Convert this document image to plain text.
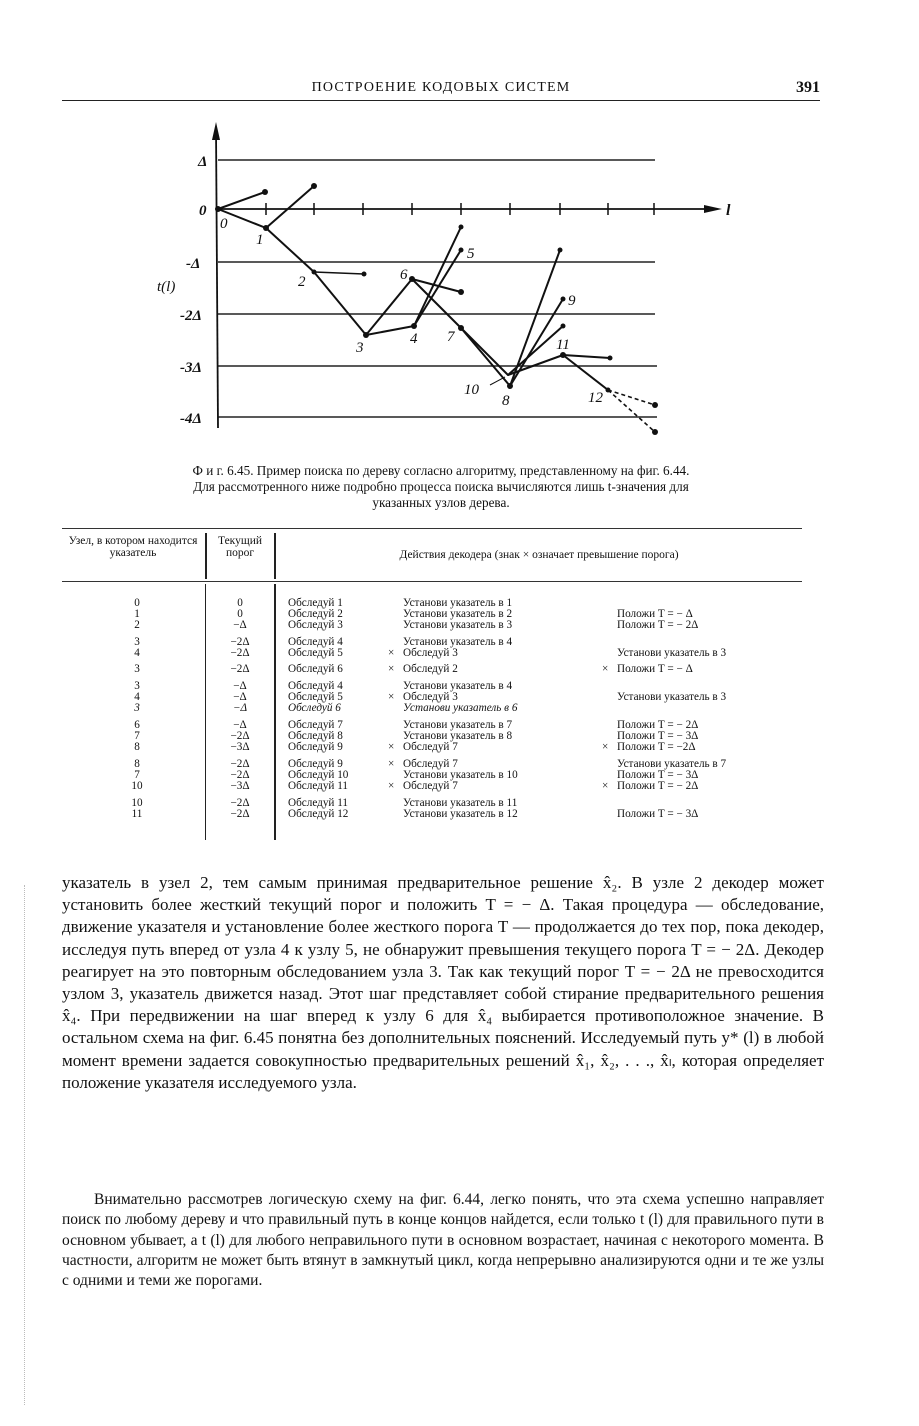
ПОСТРОЕНИЕ КОДОВЫХ СИСТЕМ	391
Δ
0
-Δ
-2Δ
-3Δ
-4Δ
t(l)
l
0
1
2
3
4
5
6
7
8
9
10
11
12
Ф и г. 6.45. Пример поиска по дереву согласно алгоритму, представленному на фиг. 6.44.
Для рассмотренного ниже подробно процесса поиска вычисляются лишь t-значения для
указанных узлов дерева.
Узел, в котором находится указатель
Текущий порог	Действия декодера (знак × означает превышение порога)
0	0	Обследуй 1	Установи указатель в 1
1	0	Обследуй 2	Установи указатель в 2	Положи T = − Δ
2	−Δ	Обследуй 3	Установи указатель в 3	Положи T = − 2Δ
3	−2Δ	Обследуй 4	Установи указатель в 4
4	−2Δ	Обследуй 5	× Обследуй 3	Установи указатель в 3
3	−2Δ	Обследуй 6	× Обследуй 2	× Положи T = − Δ
3	−Δ	Обследуй 4	Установи указатель в 4
4	−Δ	Обследуй 5	× Обследуй 3	Установи указатель в 3
3	−Δ	Обследуй 6	Установи указатель в 6
6	−Δ	Обследуй 7	Установи указатель в 7	Положи T = − 2Δ
7	−2Δ	Обследуй 8	Установи указатель в 8	Положи T = − 3Δ
8	−3Δ	Обследуй 9	× Обследуй 7	× Положи T = −2Δ
8	−2Δ	Обследуй 9	× Обследуй 7	Установи указатель в 7
7	−2Δ	Обследуй 10	Установи указатель в 10	Положи T = − 3Δ
10	−3Δ	Обследуй 11	× Обследуй 7	× Положи T = − 2Δ
10	−2Δ	Обследуй 11	Установи указатель в 11
11	−2Δ	Обследуй 12	Установи указатель в 12	Положи T = − 3Δ
указатель в узел 2, тем самым принимая предварительное решение x̂₂. В узле 2 декодер может установить более жесткий текущий порог и положить T = − Δ. Такая процедура — обследование, движение указателя и установление более жесткого порога T — продолжается до тех пор, пока декодер, исследуя путь вперед от узла 4 к узлу 5, не обнаружит превышения текущего порога T = − 2Δ. Декодер реагирует на это повторным обследованием узла 3. Так как текущий порог T = − 2Δ не превосходится узлом 3, указатель движется назад. Этот шаг представляет собой стирание предварительного решения x̂₄. При передвижении на шаг вперед к узлу 6 для x̂₄ выбирается противоположное значение. В остальном схема на фиг. 6.45 понятна без дополнительных пояснений. Исследуемый путь y* (l) в любой момент времени задается совокупностью предварительных решений x̂₁, x̂₂, . . ., x̂ₗ, которая определяет положение указателя исследуемого узла.
Внимательно рассмотрев логическую схему на фиг. 6.44, легко понять, что эта схема успешно направляет поиск по любому дереву и что правильный путь в конце концов найдется, если только t (l) для правильного пути в основном убывает, а t (l) для любого неправильного пути в основном возрастает, начиная с некоторого момента. В частности, алгоритм не может быть втянут в замкнутый цикл, когда непрерывно анализируются одни и те же узлы с одними и теми же порогами.
